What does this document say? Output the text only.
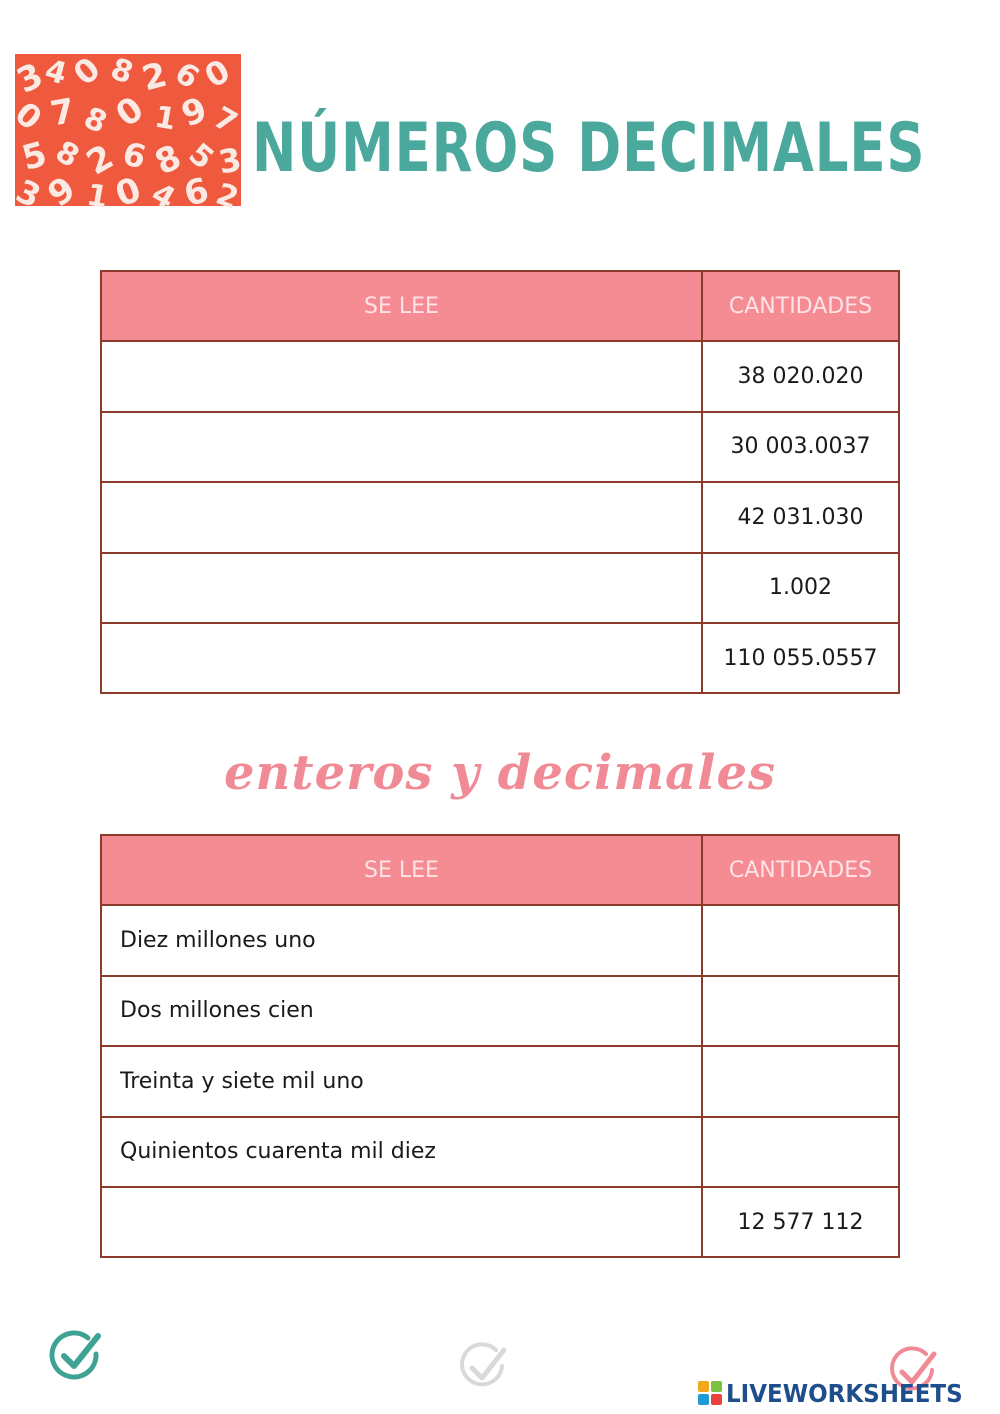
3
4
0
8 2
6
0
0
7 8
0 1
9
7
5
8
2
6 8
5
3
3
9 1 0
4
6
2
NÚMEROS DECIMALES
SE LEE	CANTIDADES
	38 020.020
	30 003.0037
	42 031.030
	1.002
	110 055.0557
enteros y decimales
SE LEE	CANTIDADES
Diez millones uno	
Dos millones cien	
Treinta y siete mil uno	
Quinientos cuarenta mil diez	
	12 577 112
LIVEWORKSHEETS
